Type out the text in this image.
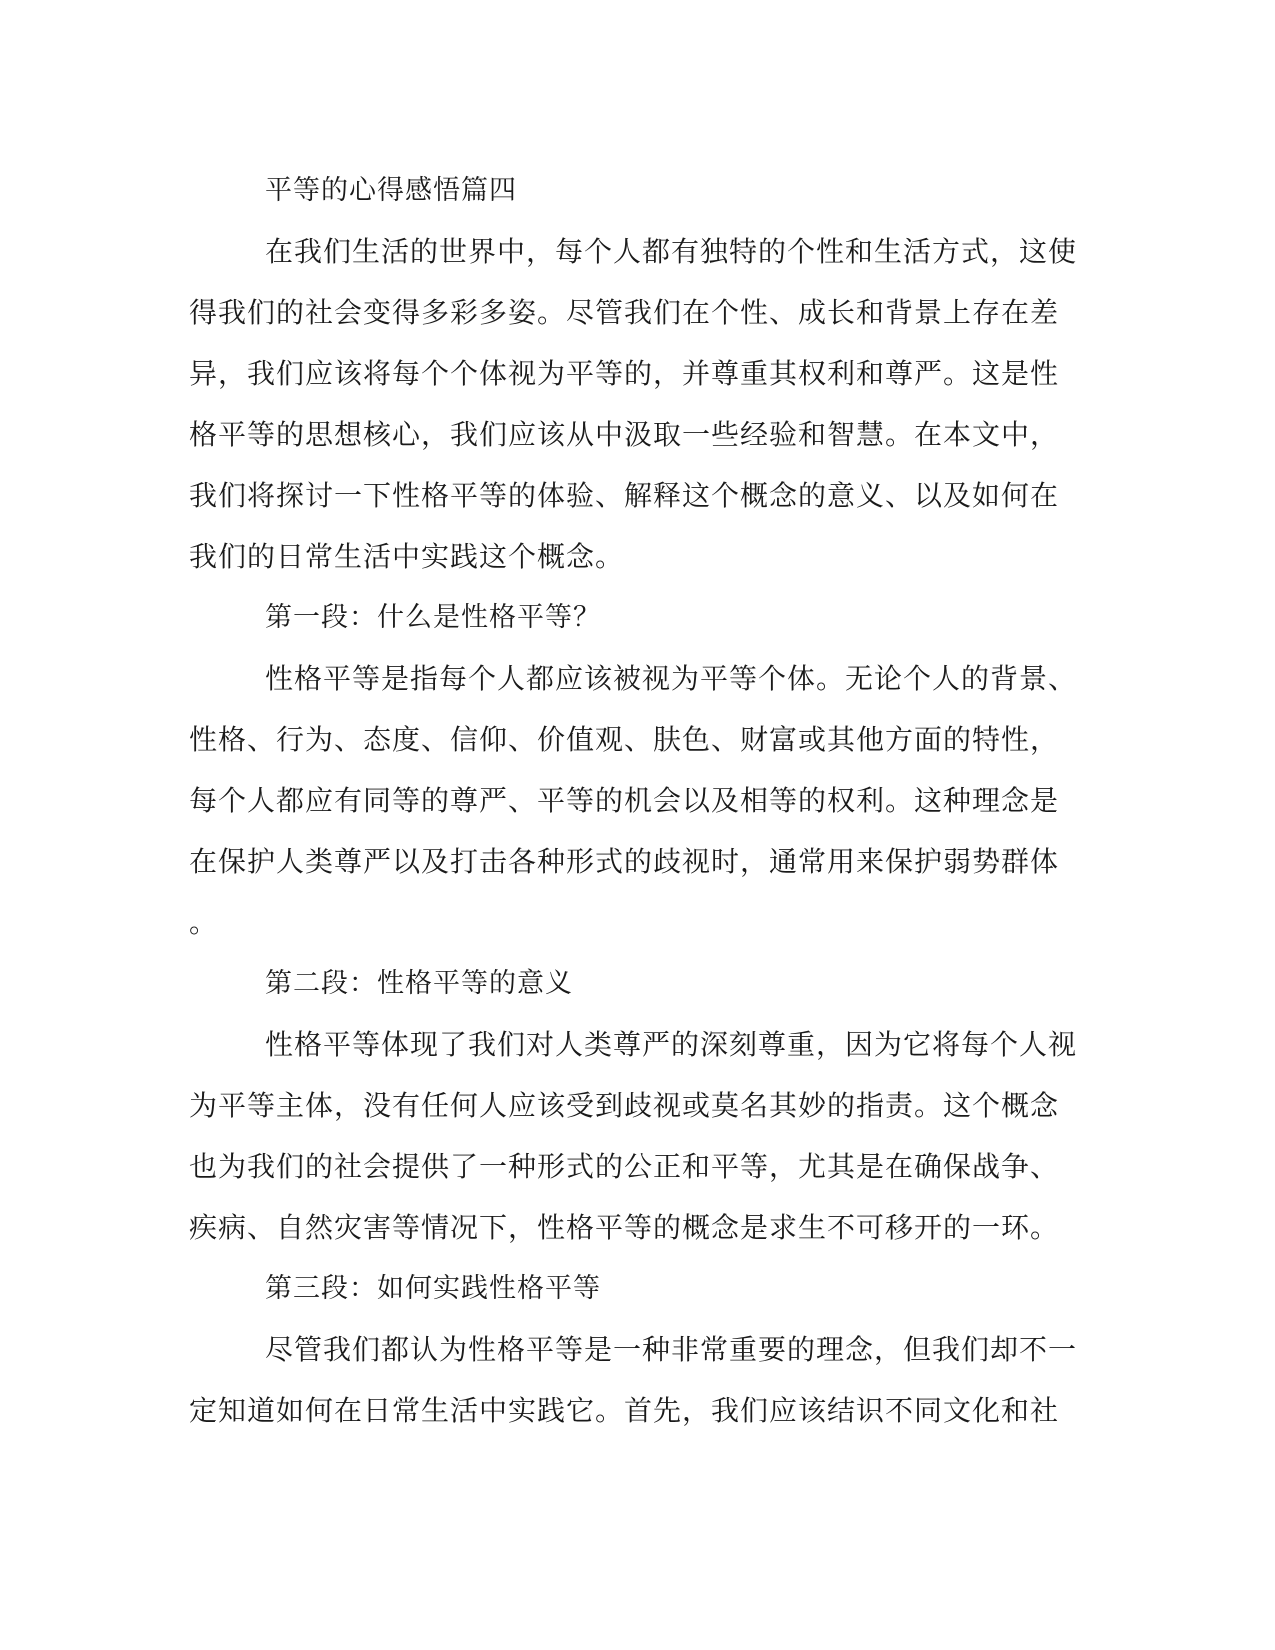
平等的心得感悟篇四
在我们生活的世界中，每个人都有独特的个性和生活方式，这使
得我们的社会变得多彩多姿。尽管我们在个性、成长和背景上存在差
异，我们应该将每个个体视为平等的，并尊重其权利和尊严。这是性
格平等的思想核心，我们应该从中汲取一些经验和智慧。在本文中，
我们将探讨一下性格平等的体验、解释这个概念的意义、以及如何在
我们的日常生活中实践这个概念。
第一段：什么是性格平等？
性格平等是指每个人都应该被视为平等个体。无论个人的背景、
性格、行为、态度、信仰、价值观、肤色、财富或其他方面的特性，
每个人都应有同等的尊严、平等的机会以及相等的权利。这种理念是
在保护人类尊严以及打击各种形式的歧视时，通常用来保护弱势群体
。
第二段：性格平等的意义
性格平等体现了我们对人类尊严的深刻尊重，因为它将每个人视
为平等主体，没有任何人应该受到歧视或莫名其妙的指责。这个概念
也为我们的社会提供了一种形式的公正和平等，尤其是在确保战争、
疾病、自然灾害等情况下，性格平等的概念是求生不可移开的一环。
第三段：如何实践性格平等
尽管我们都认为性格平等是一种非常重要的理念，但我们却不一
定知道如何在日常生活中实践它。首先，我们应该结识不同文化和社
